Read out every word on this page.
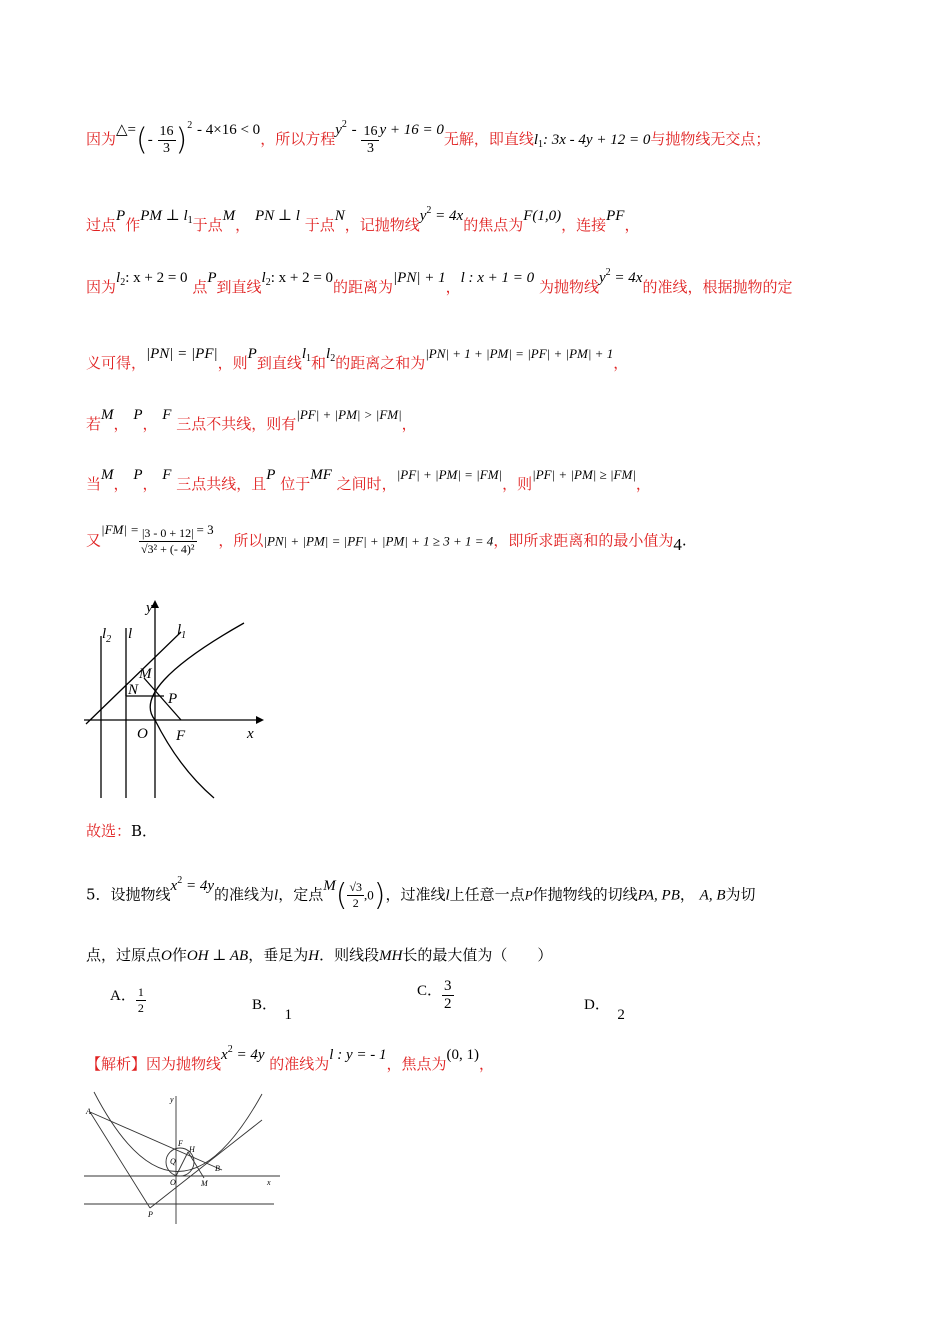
因为△=(- $\frac{16}{3} )^2 - 4\times 16 < 0$，所以方程$y^2 - \frac{16}{3}$ y + 16 = 0无解，即直线$l_1$: 3x - 4y + 12 = 0与抛物线无交点；
过点P作PM ⊥ $l^1$于点M， PN ⊥ l 于点N，记抛物线$y^2 = 4x$的焦点为F(1,0)，连接PF，
因为$l^2$: x + 2 = 0 点P到直线$l^2$: x + 2 = 0的距离为|PN| + 1，l : x + 1 = 0 为抛物线$y^2 = 4x$的准线，根据抛物的定
义可得，|PN| = |PF|，则P到直线$l^1$和$l^2$的距离之和为|PN| + 1 + |PM| = |PF| + |PM| + 1，
若M， P， F 三点不共线，则有|PF| + |PM| > |FM|，
当M， P， F 三点共线，且P 位于MF 之间时，|PF| + |PM| = |FM|，则|PF| + |PM| ≥ |FM|，
又$|FM| = \frac{|3 - 0 + 12|}{\text{√3² + (- 4)²}} = 3$ ，所以|PN| + |PM| = |PF| + |PM| + 1 ≥ 3 + 1 = 4，即所求距离和的最小值为4.
y
$l_2$ l	$l_1$
M
N
P
O F	x
故选：B．
5．设抛物线$x^2 = 4y$的准线为l，定点$M( \frac{√3}{2} ,0)$，过准线l上任意一点P作抛物线的切线PA, PB， A, B为切
点，过原点O作OH ⊥ AB，垂足为H．则线段MH长的最大值为（　　）
A． $\frac{1}{2}$	B．  1
C． $\frac{3}{2}$	D．  2
【解析】因为抛物线$x^2 = 4y$ 的准线为l : y = - 1，焦点为(0, 1)，
A
y
F
H
Q
B
O	M	x
P
